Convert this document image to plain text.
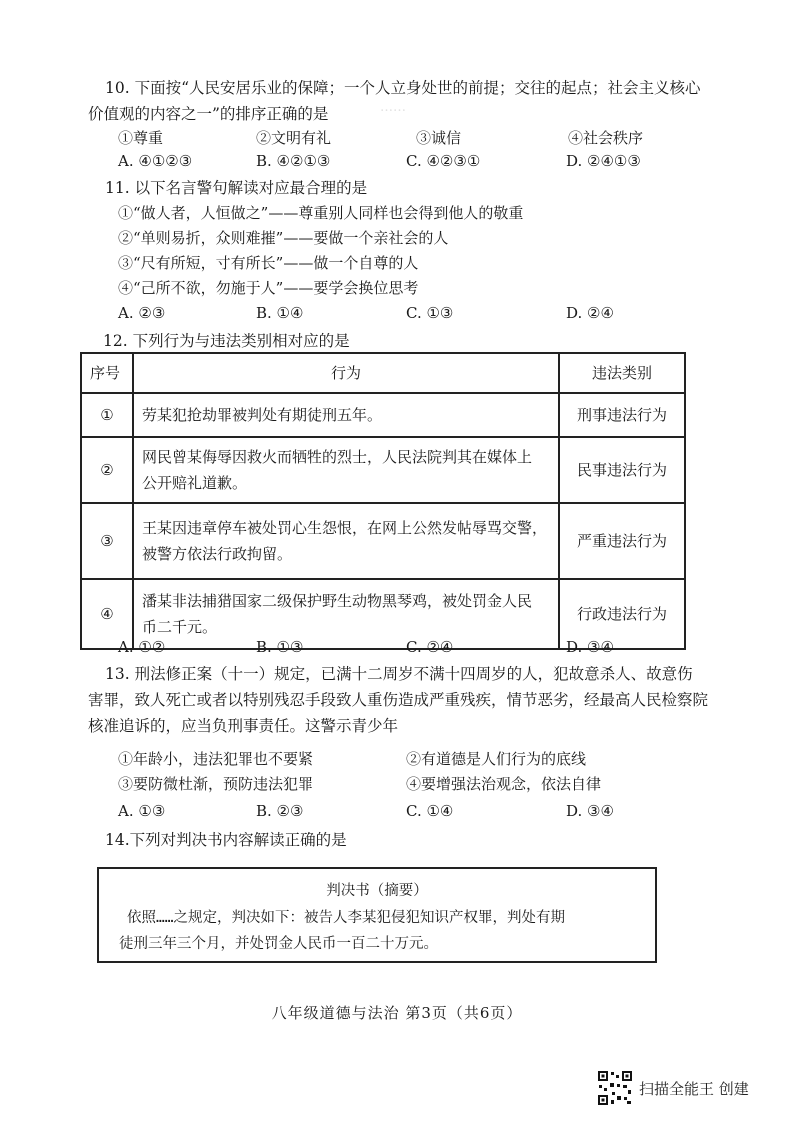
……
10. 下面按“人民安居乐业的保障；一个人立身处世的前提；交往的起点；社会主义核心
价值观的内容之一”的排序正确的是
①尊重	②文明有礼	③诚信	④社会秩序
A. ④①②③	B. ④②①③	C. ④②③①	D. ②④①③
11. 以下名言警句解读对应最合理的是
①“做人者，人恒做之”——尊重别人同样也会得到他人的敬重
②“单则易折，众则难摧”——要做一个亲社会的人
③“尺有所短，寸有所长”——做一个自尊的人
④“己所不欲，勿施于人”——要学会换位思考
A. ②③	B. ①④	C. ①③	D. ②④
12. 下列行为与违法类别相对应的是
序号	行为	违法类别
①	劳某犯抢劫罪被判处有期徒刑五年。	刑事违法行为
②	网民曾某侮辱因救火而牺牲的烈士，人民法院判其在媒体上
公开赔礼道歉。	民事违法行为
③	王某因违章停车被处罚心生怨恨，在网上公然发帖辱骂交警，
被警方依法行政拘留。	严重违法行为
④	潘某非法捕猎国家二级保护野生动物黑琴鸡，被处罚金人民
币二千元。	行政违法行为
A. ①②	B. ①③	C. ②④	D. ③④
13. 刑法修正案（十一）规定，已满十二周岁不满十四周岁的人，犯故意杀人、故意伤
害罪，致人死亡或者以特别残忍手段致人重伤造成严重残疾，情节恶劣，经最高人民检察院
核准追诉的，应当负刑事责任。这警示青少年
①年龄小，违法犯罪也不要紧	②有道德是人们行为的底线
③要防微杜渐，预防违法犯罪	④要增强法治观念，依法自律
A. ①③	B. ②③	C. ①④	D. ③④
14.下列对判决书内容解读正确的是
判决书（摘要）
依照……之规定，判决如下：被告人李某犯侵犯知识产权罪，判处有期
徒刑三年三个月，并处罚金人民币一百二十万元。
八年级道德与法治 第3页（共6页）
扫描全能王 创建
